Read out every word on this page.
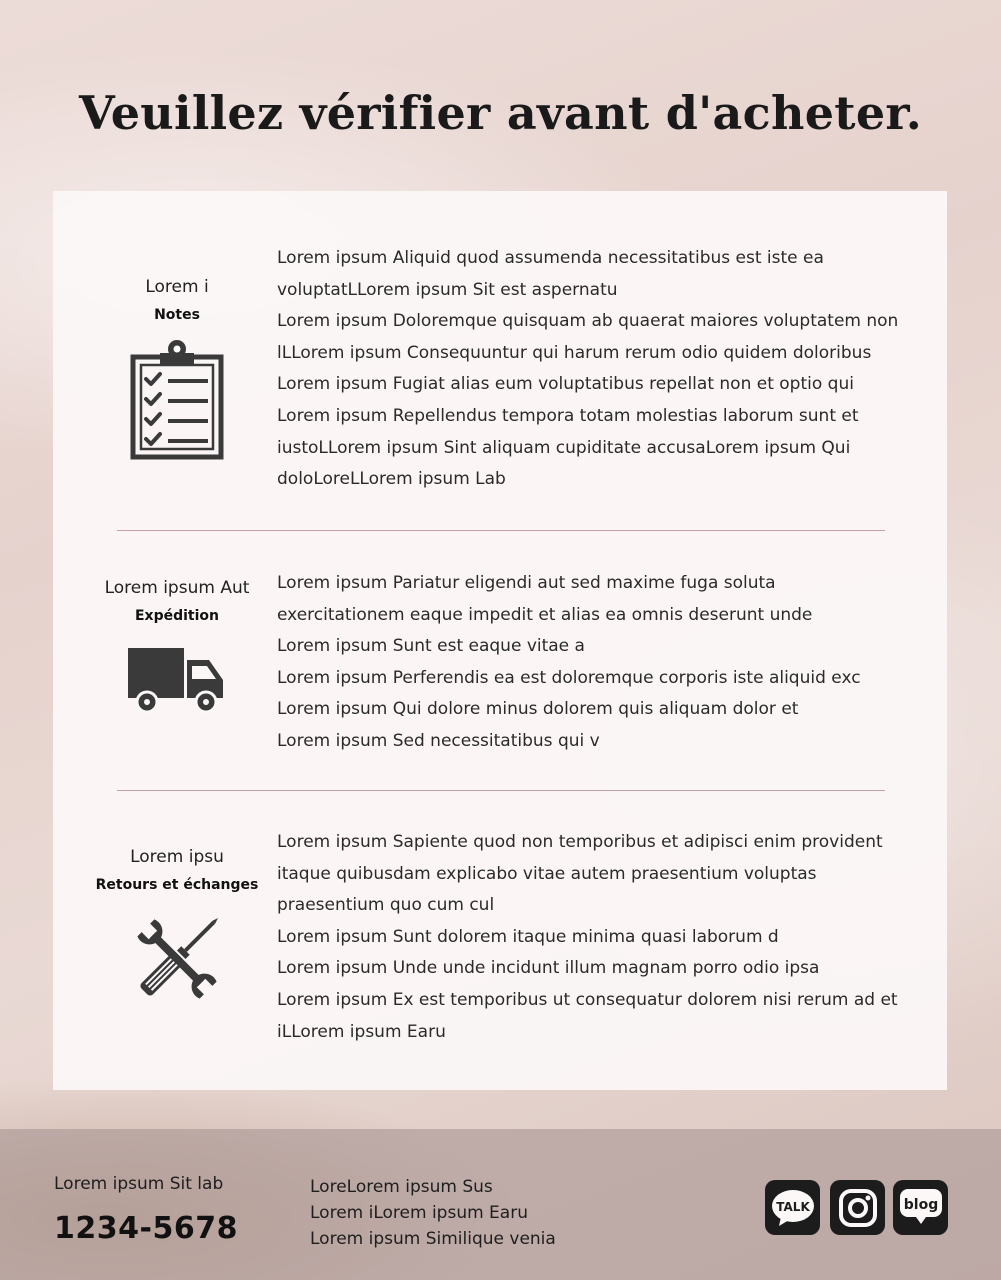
Veuillez vérifier avant d'acheter.
Lorem i
Notes
Lorem ipsum Aliquid quod assumenda necessitatibus est iste ea
voluptatLLorem ipsum Sit est aspernatu
Lorem ipsum Doloremque quisquam ab quaerat maiores voluptatem non
lLLorem ipsum Consequuntur qui harum rerum odio quidem doloribus
Lorem ipsum Fugiat alias eum voluptatibus repellat non et optio qui
Lorem ipsum Repellendus tempora totam molestias laborum sunt et
iustoLLorem ipsum Sint aliquam cupiditate accusaLorem ipsum Qui
doloLoreLLorem ipsum Lab
Lorem ipsum Aut
Expédition
Lorem ipsum Pariatur eligendi aut sed maxime fuga soluta
exercitationem eaque impedit et alias ea omnis deserunt unde
Lorem ipsum Sunt est eaque vitae a
Lorem ipsum Perferendis ea est doloremque corporis iste aliquid exc
Lorem ipsum Qui dolore minus dolorem quis aliquam dolor et
Lorem ipsum Sed necessitatibus qui v
Lorem ipsu
Retours et échanges
Lorem ipsum Sapiente quod non temporibus et adipisci enim provident
itaque quibusdam explicabo vitae autem praesentium voluptas
praesentium quo cum cul
Lorem ipsum Sunt dolorem itaque minima quasi laborum d
Lorem ipsum Unde unde incidunt illum magnam porro odio ipsa
Lorem ipsum Ex est temporibus ut consequatur dolorem nisi rerum ad et
iLLorem ipsum Earu
Lorem ipsum Sit lab
1234-5678
LoreLorem ipsum Sus
Lorem iLorem ipsum Earu
Lorem ipsum Similique venia
TALK	blog
